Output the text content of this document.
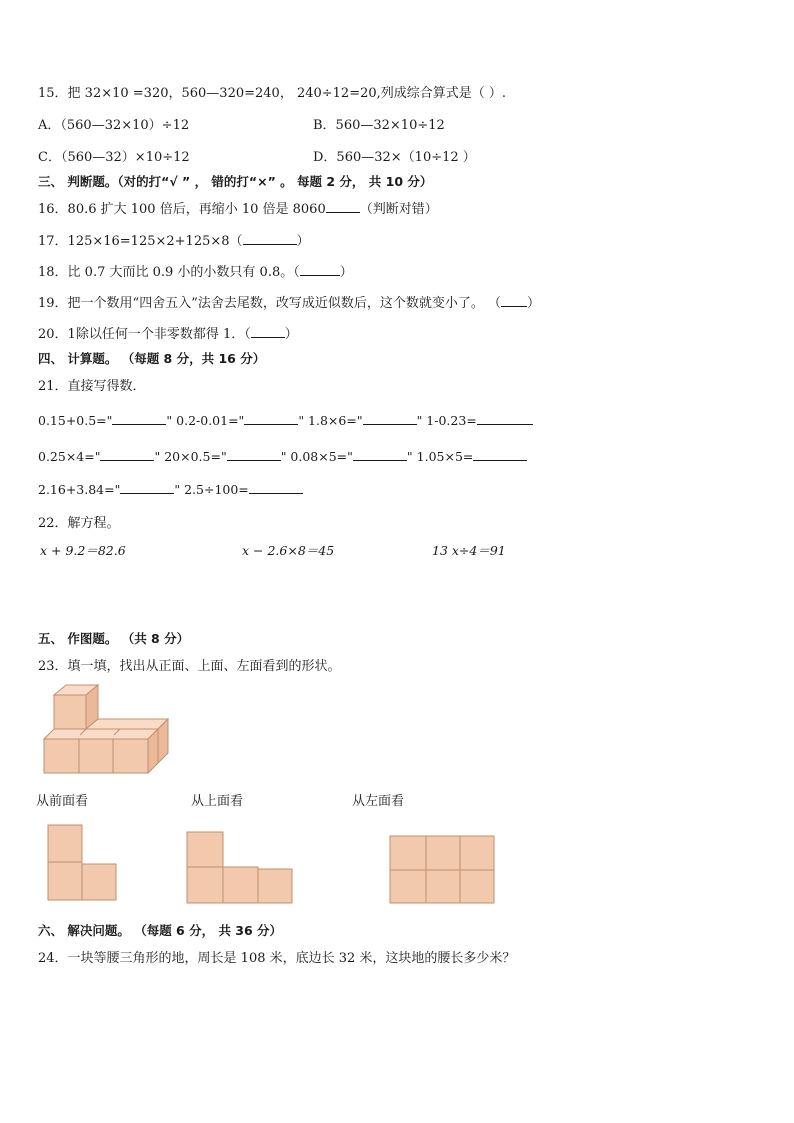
15．把 32×10 =320，560—320=240， 240÷12=20,列成综合算式是（ ）.
A．（560—32×10）÷12	B．560—32×10÷12
C．（560—32）×10÷12	D．560—32×（10÷12 ）
三、 判断题。（对的打“√ ” ， 错的打“×” 。 每题 2 分， 共 10 分）
16．80.6 扩大 100 倍后，再缩小 10 倍是 8060	（判断对错）
17．125×16=125×2+125×8（	）
18．比 0.7 大而比 0.9 小的小数只有 0.8。（	）
19．把一个数用“四舍五入”法舍去尾数，改写成近似数后，这个数就变小了。 （ ）
20．1除以任何一个非零数都得 1．（	）
四、 计算题。 （每题 8 分，共 16 分）
21．直接写得数．
0.15+0.5="	" 0.2-0.01="	" 1.8×6="	" 1-0.23=
0.25×4="	" 20×0.5="	" 0.08×5="	" 1.05×5=
2.16+3.84="	" 2.5÷100=
22．解方程。
x + 9.2＝82.6	x − 2.6×8＝45	13 x÷4＝91
五、 作图题。 （共 8 分）
23．填一填，找出从正面、上面、左面看到的形状。
从前面看	从上面看	从左面看
六、 解决问题。 （每题 6 分， 共 36 分）
24．一块等腰三角形的地，周长是 108 米，底边长 32 米，这块地的腰长多少米？
